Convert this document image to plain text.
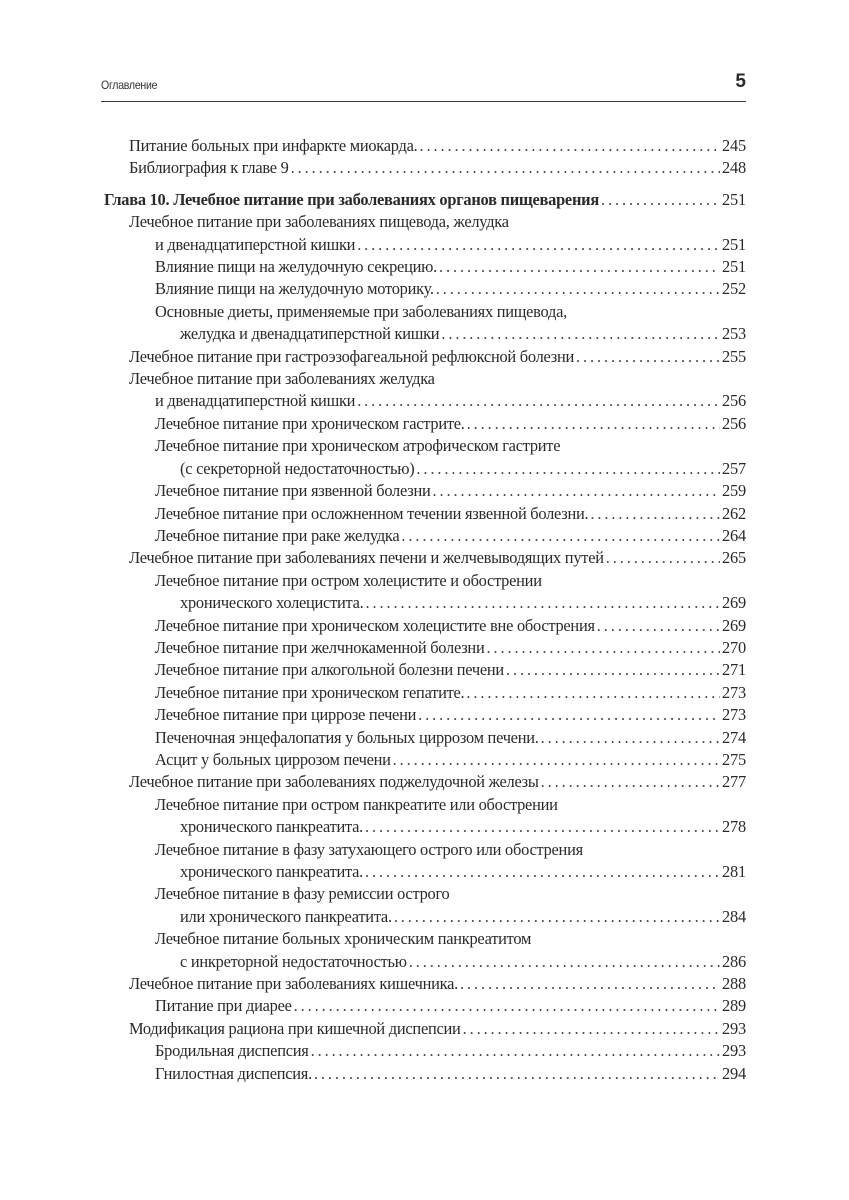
Оглавление	5
Питание больных при инфаркте миокарда. . . .	245
Библиография к главе 9 . . .	248
Глава 10. Лечебное питание при заболеваниях органов пищеварения . . .	251
Лечебное питание при заболеваниях пищевода, желудка
и двенадцатиперстной кишки . . .	251
Влияние пищи на желудочную секрецию. . . .	251
Влияние пищи на желудочную моторику. . . .	252
Основные диеты, применяемые при заболеваниях пищевода,
желудка и двенадцатиперстной кишки . . .	253
Лечебное питание при гастроэзофагеальной рефлюксной болезни . . .	255
Лечебное питание при заболеваниях желудка
и двенадцатиперстной кишки . . .	256
Лечебное питание при хроническом гастрите. . . .	256
Лечебное питание при хроническом атрофическом гастрите
(с секреторной недостаточностью) . . .	257
Лечебное питание при язвенной болезни . . .	259
Лечебное питание при осложненном течении язвенной болезни. . . .	262
Лечебное питание при раке желудка . . .	264
Лечебное питание при заболеваниях печени и желчевыводящих путей . . .	265
Лечебное питание при остром холецистите и обострении
хронического холецистита. . . .	269
Лечебное питание при хроническом холецистите вне обострения . . .	269
Лечебное питание при желчнокаменной болезни . . .	270
Лечебное питание при алкогольной болезни печени . . .	271
Лечебное питание при хроническом гепатите. . . .	273
Лечебное питание при циррозе печени . . .	273
Печеночная энцефалопатия у больных циррозом печени. . . .	274
Асцит у больных циррозом печени . . .	275
Лечебное питание при заболеваниях поджелудочной железы . . .	277
Лечебное питание при остром панкреатите или обострении
хронического панкреатита. . . .	278
Лечебное питание в фазу затухающего острого или обострения
хронического панкреатита. . . .	281
Лечебное питание в фазу ремиссии острого
или хронического панкреатита. . . .	284
Лечебное питание больных хроническим панкреатитом
с инкреторной недостаточностью . . .	286
Лечебное питание при заболеваниях кишечника. . . .	288
Питание при диарее . . .	289
Модификация рациона при кишечной диспепсии . . .	293
Бродильная диспепсия . . .	293
Гнилостная диспепсия. . . .	294
